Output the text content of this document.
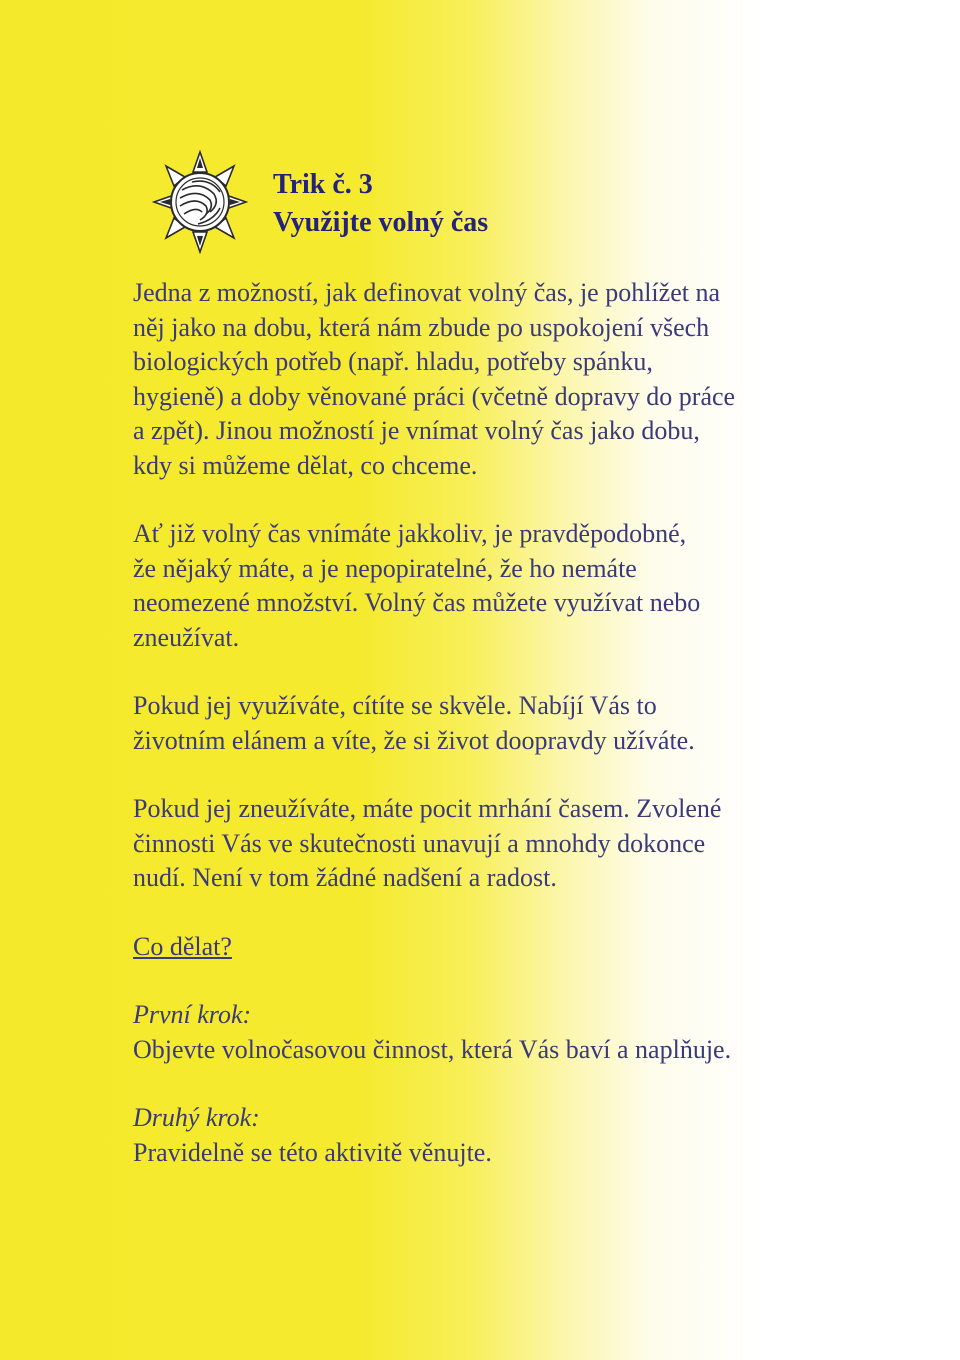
Trik č. 3
Využijte volný čas

Jedna z možností, jak definovat volný čas, je pohlížet na
něj jako na dobu, která nám zbude po uspokojení všech
biologických potřeb (např. hladu, potřeby spánku,
hygieně) a doby věnované práci (včetně dopravy do práce
a zpět). Jinou možností je vnímat volný čas jako dobu,
kdy si můžeme dělat, co chceme.

Ať již volný čas vnímáte jakkoliv, je pravděpodobné,
že nějaký máte, a je nepopiratelné, že ho nemáte
neomezené množství. Volný čas můžete využívat nebo
zneužívat.

Pokud jej využíváte, cítíte se skvěle. Nabíjí Vás to
životním elánem a víte, že si život doopravdy užíváte.

Pokud jej zneužíváte, máte pocit mrhání časem. Zvolené
činnosti Vás ve skutečnosti unavují a mnohdy dokonce
nudí. Není v tom žádné nadšení a radost.

Co dělat?

První krok:
Objevte volnočasovou činnost, která Vás baví a naplňuje.

Druhý krok:
Pravidelně se této aktivitě věnujte.
